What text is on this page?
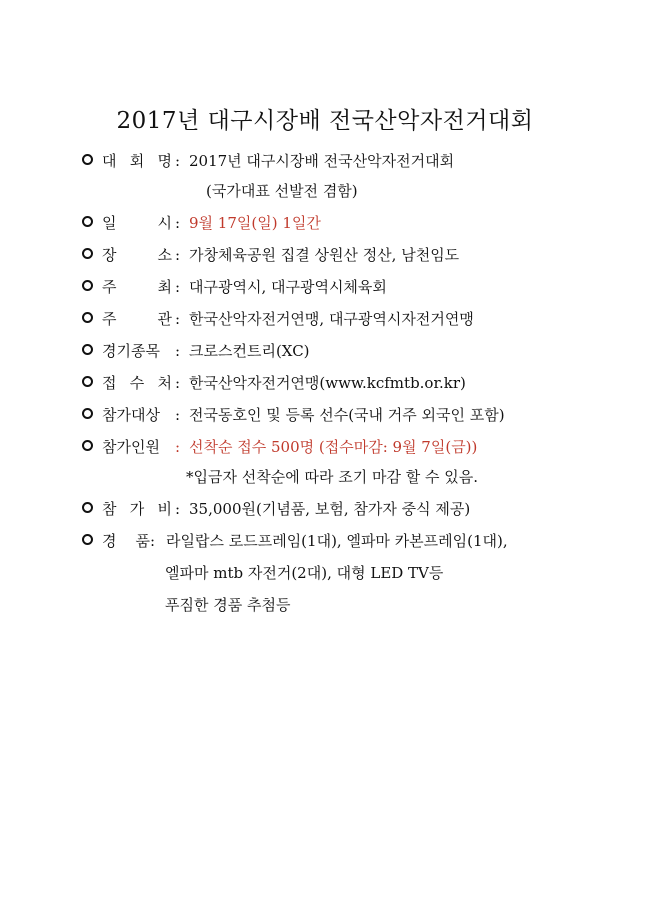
2017년 대구시장배 전국산악자전거대회
대 회 명 : 2017년 대구시장배 전국산악자전거대회
(국가대표 선발전 겸함)
일	시 : 9월 17일(일) 1일간
장	소 : 가창체육공원 집결 상원산 정산, 남천임도
주	최 : 대구광역시, 대구광역시체육회
주	관 : 한국산악자전거연맹, 대구광역시자전거연맹
경기종목 : 크로스컨트리(XC)
접 수 처 : 한국산악자전거연맹(www.kcfmtb.or.kr)
참가대상 : 전국동호인 및 등록 선수(국내 거주 외국인 포함)
참가인원 : 선착순 접수 500명 (접수마감: 9월 7일(금))
*입금자 선착순에 따라 조기 마감 할 수 있음.
참 가 비 : 35,000원(기념품, 보험, 참가자 중식 제공)
경 품 : 라일랍스 로드프레임(1대), 엘파마 카본프레임(1대),
엘파마 mtb 자전거(2대), 대형 LED TV등
푸짐한 경품 추첨등
